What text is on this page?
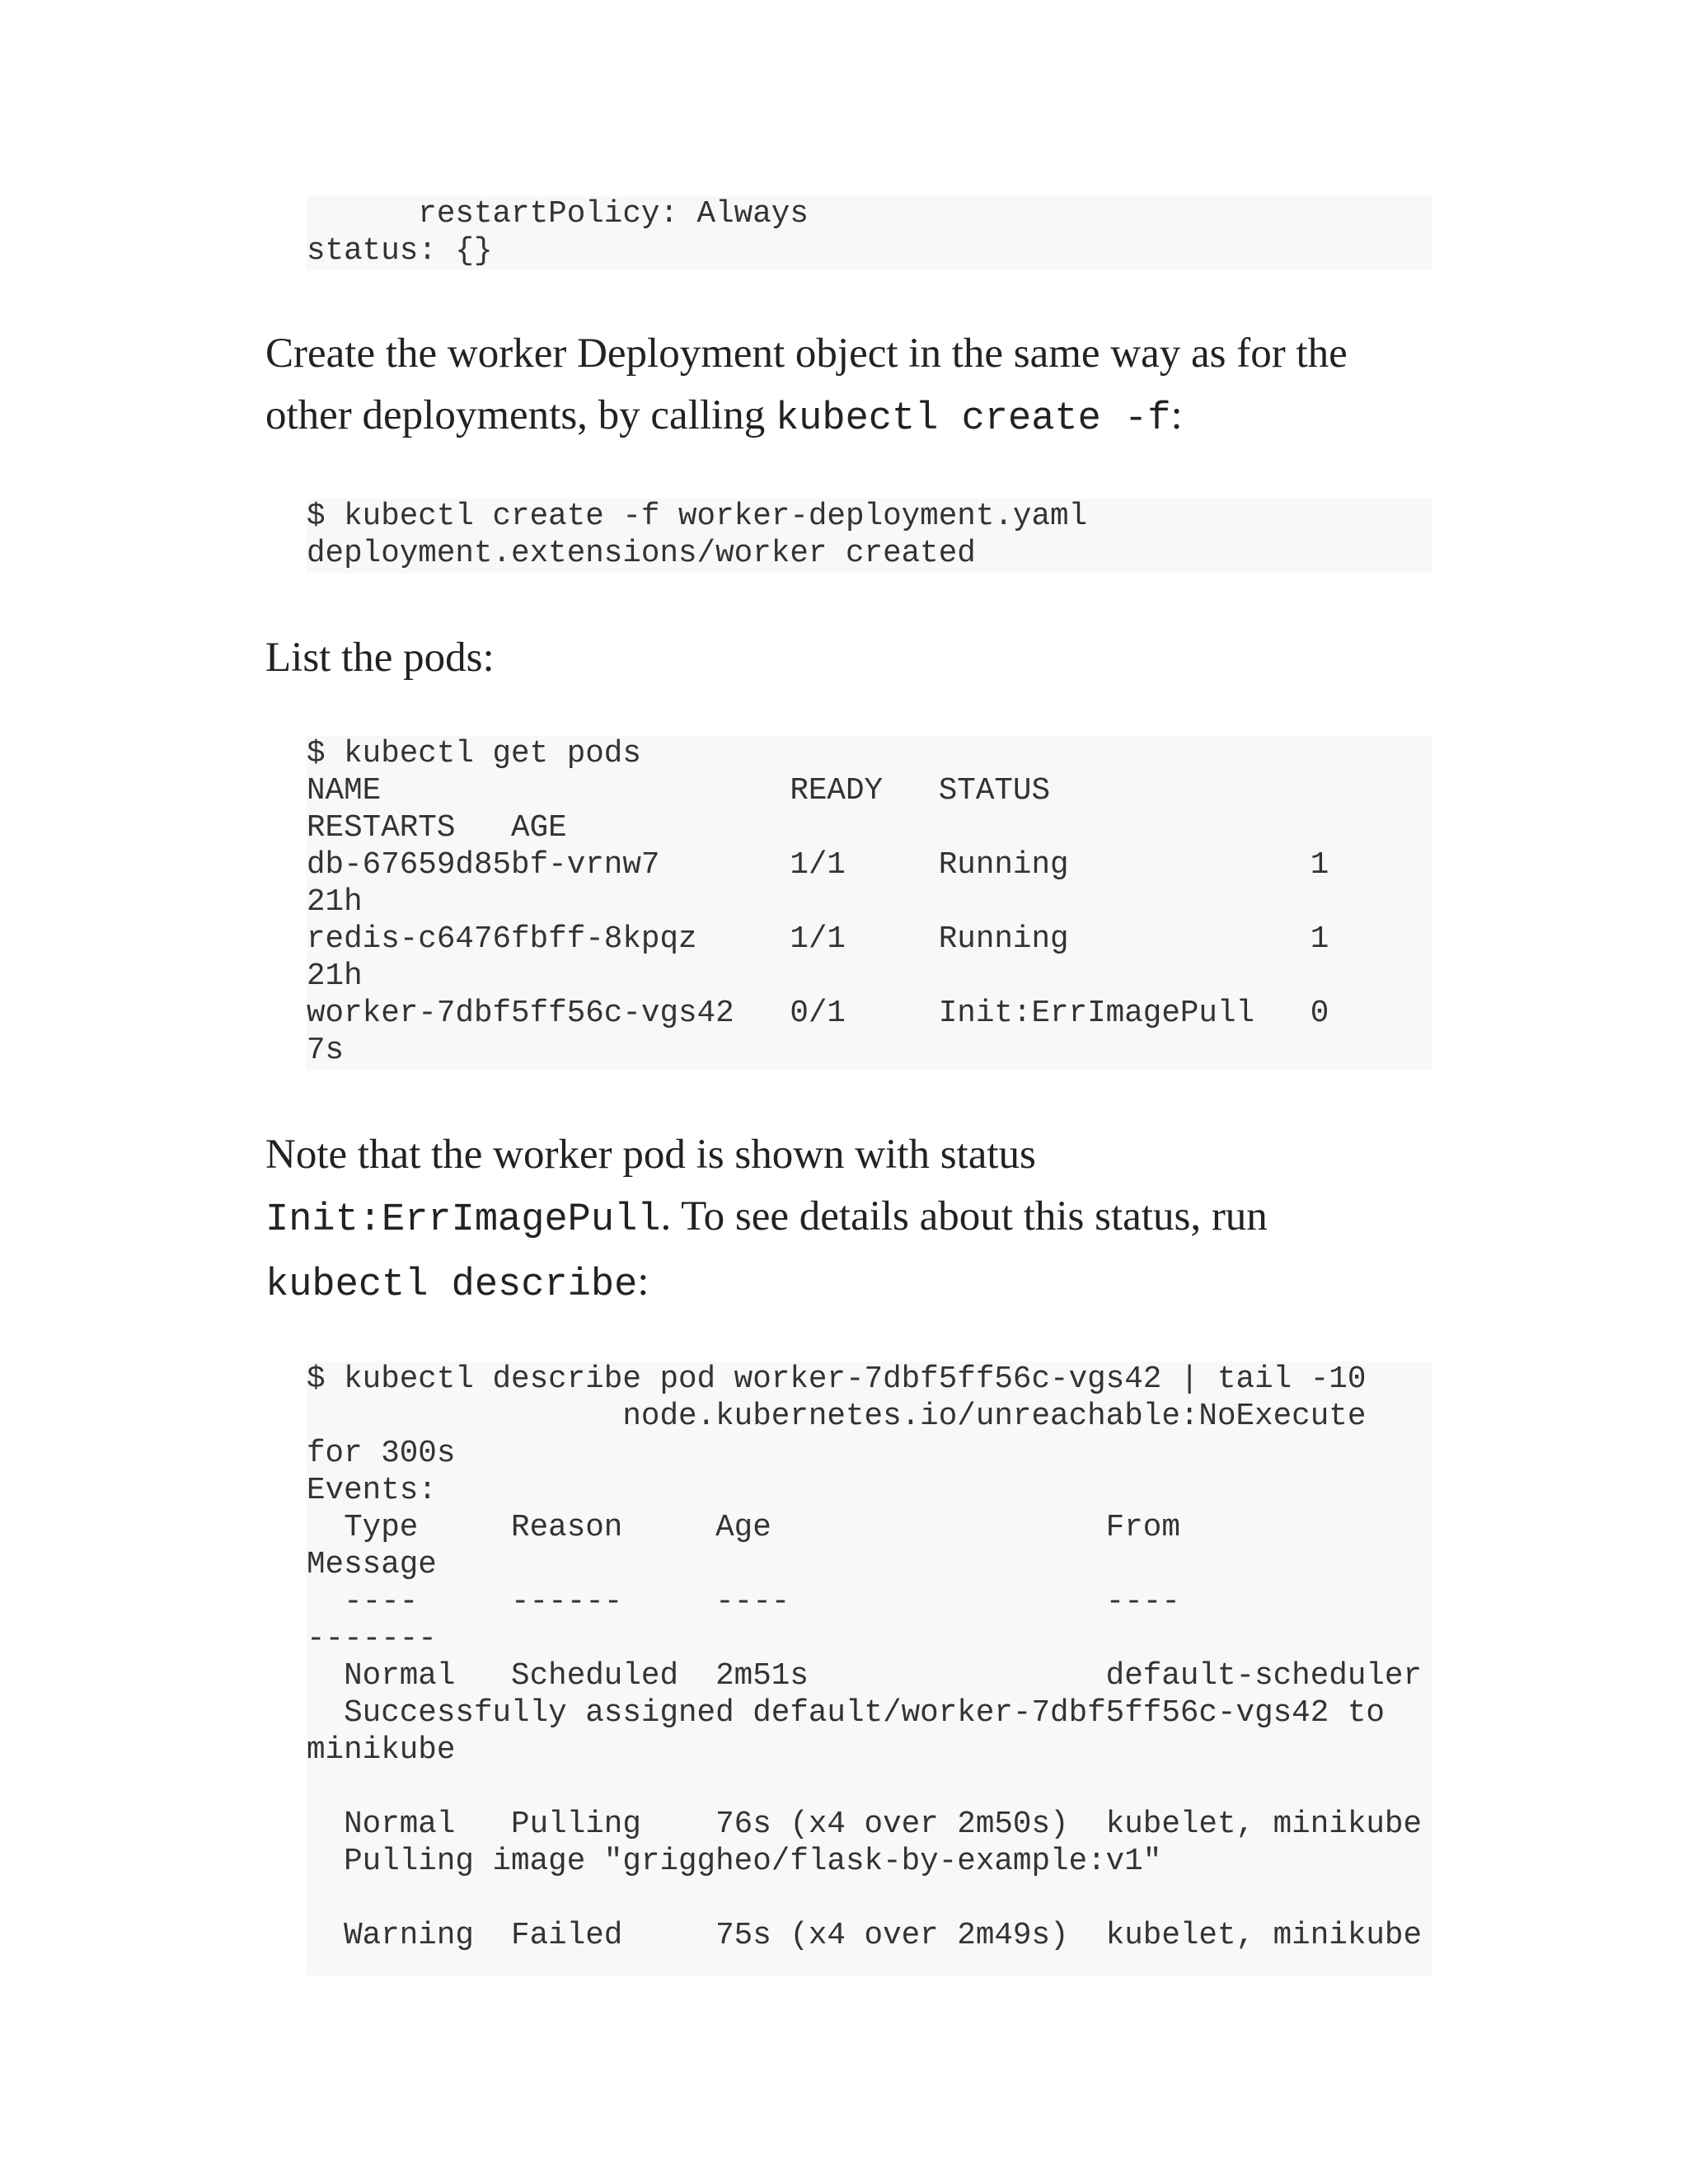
restartPolicy: Always
status: {}

Create the worker Deployment object in the same way as for the other deployments, by calling kubectl create -f:

$ kubectl create -f worker-deployment.yaml
deployment.extensions/worker created

List the pods:

$ kubectl get pods
NAME                      READY   STATUS
RESTARTS   AGE
db-67659d85bf-vrnw7       1/1     Running             1
21h
redis-c6476fbff-8kpqz     1/1     Running             1
21h
worker-7dbf5ff56c-vgs42   0/1     Init:ErrImagePull   0
7s

Note that the worker pod is shown with status Init:ErrImagePull. To see details about this status, run kubectl describe:

$ kubectl describe pod worker-7dbf5ff56c-vgs42 | tail -10
node.kubernetes.io/unreachable:NoExecute
for 300s
Events:
Type     Reason     Age                  From
Message
----     ------     ----                 ----
-------
Normal   Scheduled  2m51s                default-scheduler
Successfully assigned default/worker-7dbf5ff56c-vgs42 to
minikube

Normal   Pulling    76s (x4 over 2m50s)  kubelet, minikube
Pulling image "griggheo/flask-by-example:v1"

Warning  Failed     75s (x4 over 2m49s)  kubelet, minikube
